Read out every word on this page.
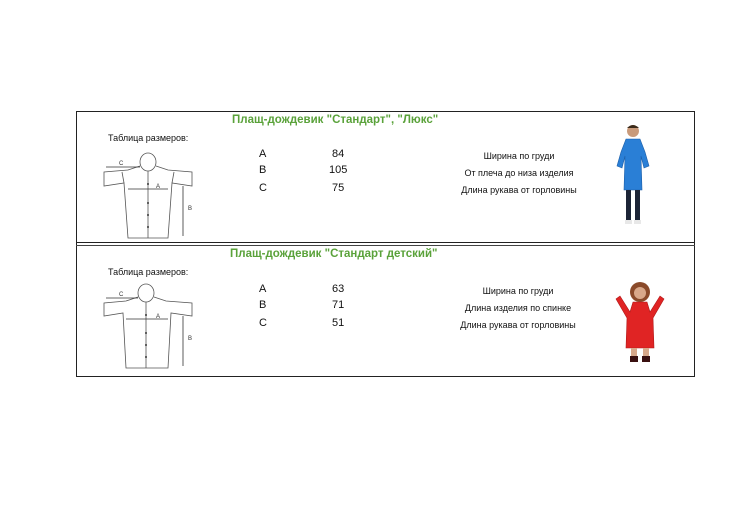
Плащ-дождевик "Стандарт", "Люкс"
Таблица размеров:
C
A
B
A	84	Ширина по груди
B	105	От плеча до низа изделия
C	75	Длина рукава от горловины
Плащ-дождевик "Стандарт детский"
Таблица размеров:
C
A
B
A	63	Ширина по груди
B	71	Длина изделия по спинке
C	51	Длина рукава от горловины
